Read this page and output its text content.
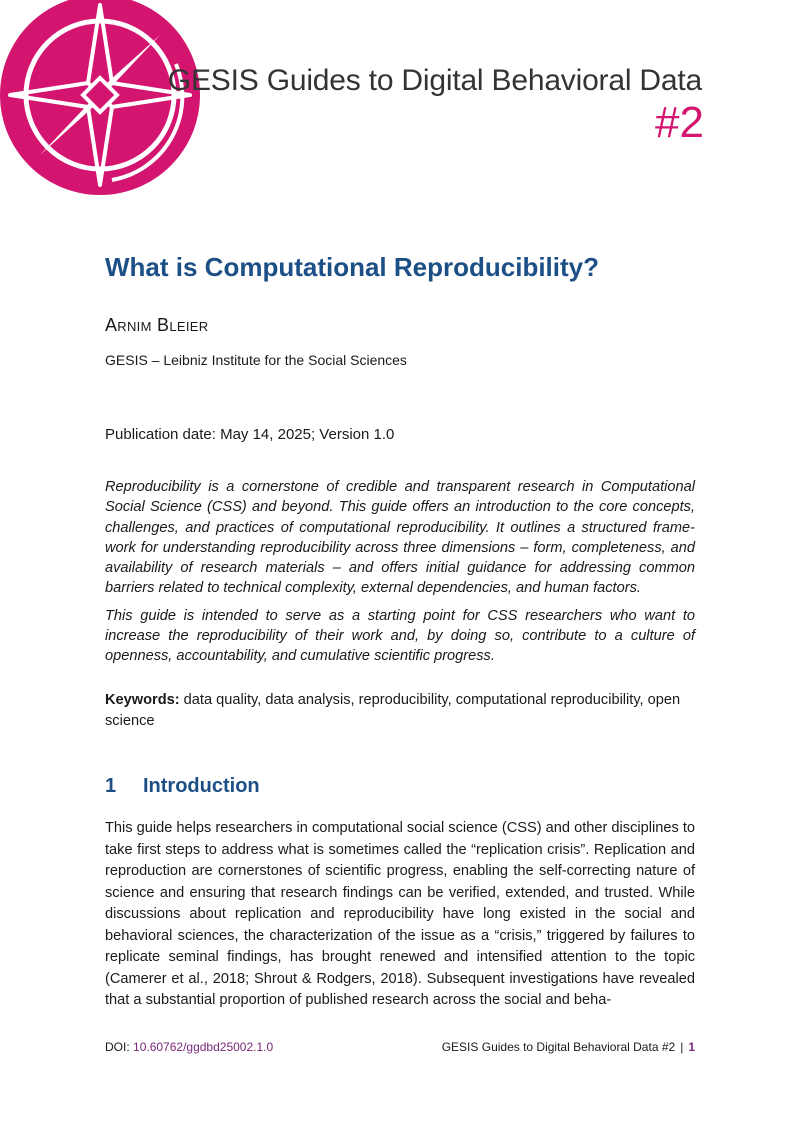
GESIS Guides to Digital Behavioral Data
#2
What is Computational Reproducibility?
Arnim Bleier
GESIS – Leibniz Institute for the Social Sciences
Publication date: May 14, 2025; Version 1.0

Reproducibility is a cornerstone of credible and transparent research in Computational Social Science (CSS) and beyond. This guide offers an introduction to the core concepts, challenges, and practices of computational reproducibility. It outlines a structured frame-work for understanding reproducibility across three dimensions – form, completeness, and availability of research materials – and offers initial guidance for addressing common barriers related to technical complexity, external dependencies, and human factors.

This guide is intended to serve as a starting point for CSS researchers who want to increase the reproducibility of their work and, by doing so, contribute to a culture of openness, accountability, and cumulative scientific progress.

Keywords: data quality, data analysis, reproducibility, computational reproducibility, open science
1 Introduction

This guide helps researchers in computational social science (CSS) and other disciplines to take first steps to address what is sometimes called the “replication crisis”. Replication and reproduction are cornerstones of scientific progress, enabling the self-correcting nature of science and ensuring that research findings can be verified, extended, and trusted. While discussions about replication and reproducibility have long existed in the social and behavioral sciences, the characterization of the issue as a “crisis,” triggered by failures to replicate seminal findings, has brought renewed and intensified attention to the topic (Camerer et al., 2018; Shrout & Rodgers, 2018). Subsequent investigations have revealed that a substantial proportion of published research across the social and beha-

DOI: 10.60762/ggdbd25002.1.0	GESIS Guides to Digital Behavioral Data #2 | 1
